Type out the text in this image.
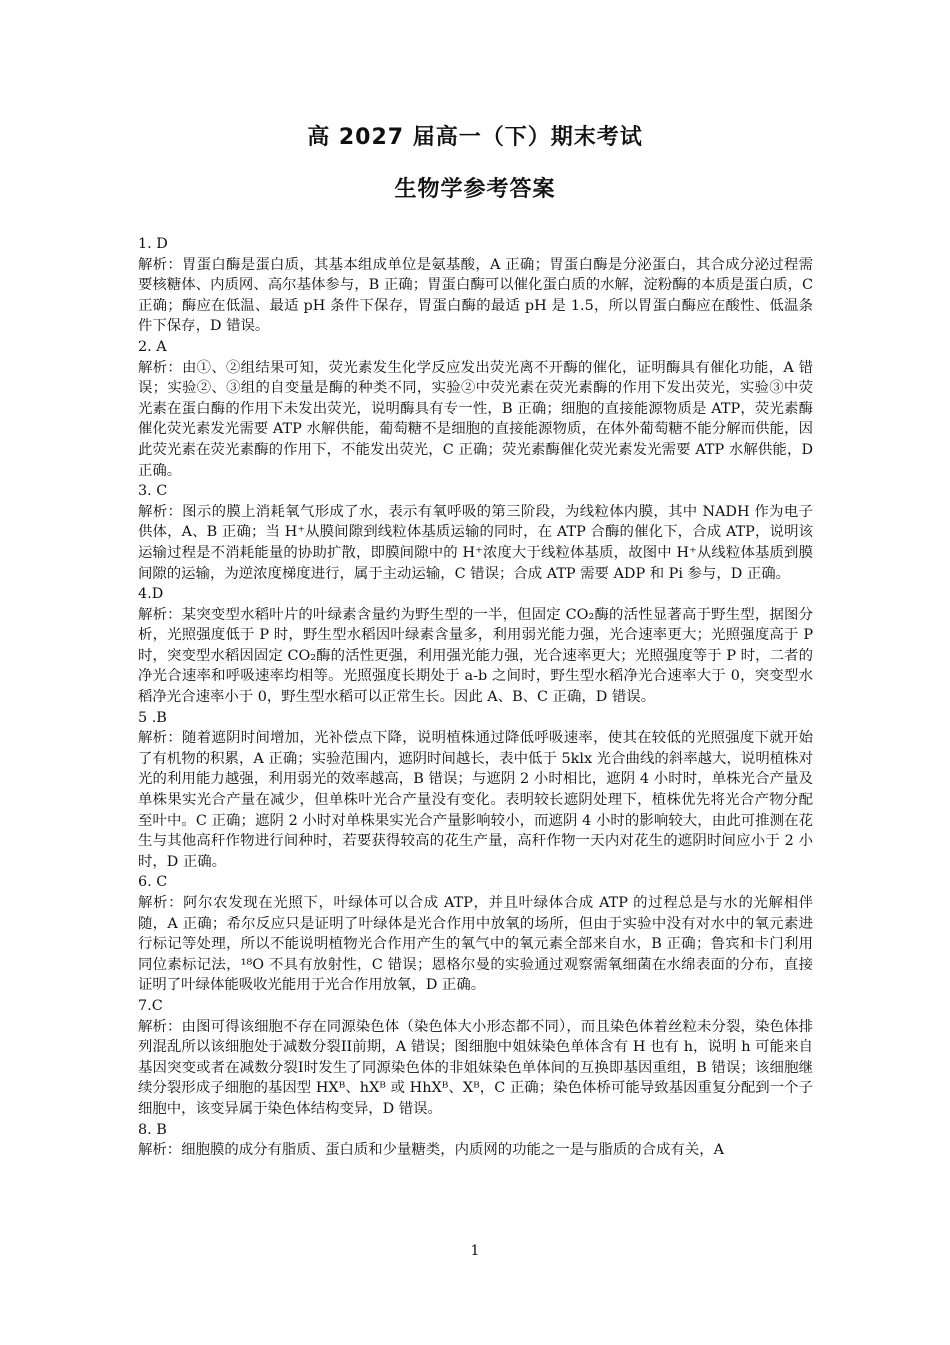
高 2027 届高一（下）期末考试
生物学参考答案
1. D
解析：胃蛋白酶是蛋白质，其基本组成单位是氨基酸，A 正确；胃蛋白酶是分泌蛋白，其合成分泌过程需要核糖体、内质网、高尔基体参与，B 正确；胃蛋白酶可以催化蛋白质的水解，淀粉酶的本质是蛋白质，C 正确；酶应在低温、最适 pH 条件下保存，胃蛋白酶的最适 pH 是 1.5，所以胃蛋白酶应在酸性、低温条件下保存，D 错误。
2. A
解析：由①、②组结果可知，荧光素发生化学反应发出荧光离不开酶的催化，证明酶具有催化功能，A 错误；实验②、③组的自变量是酶的种类不同，实验②中荧光素在荧光素酶的作用下发出荧光，实验③中荧光素在蛋白酶的作用下未发出荧光，说明酶具有专一性，B 正确；细胞的直接能源物质是 ATP，荧光素酶催化荧光素发光需要 ATP 水解供能，葡萄糖不是细胞的直接能源物质，在体外葡萄糖不能分解而供能，因此荧光素在荧光素酶的作用下，不能发出荧光，C 正确；荧光素酶催化荧光素发光需要 ATP 水解供能，D 正确。
3. C
解析：图示的膜上消耗氧气形成了水，表示有氧呼吸的第三阶段，为线粒体内膜，其中 NADH 作为电子供体，A、B 正确；当 H⁺从膜间隙到线粒体基质运输的同时，在 ATP 合酶的催化下，合成 ATP，说明该运输过程是不消耗能量的协助扩散，即膜间隙中的 H⁺浓度大于线粒体基质，故图中 H⁺从线粒体基质到膜间隙的运输，为逆浓度梯度进行，属于主动运输，C 错误；合成 ATP 需要 ADP 和 Pi 参与，D 正确。
4.D
解析：某突变型水稻叶片的叶绿素含量约为野生型的一半，但固定 CO₂酶的活性显著高于野生型，据图分析，光照强度低于 P 时，野生型水稻因叶绿素含量多，利用弱光能力强，光合速率更大；光照强度高于 P 时，突变型水稻因固定 CO₂酶的活性更强，利用强光能力强，光合速率更大；光照强度等于 P 时，二者的净光合速率和呼吸速率均相等。光照强度长期处于 a-b 之间时，野生型水稻净光合速率大于 0，突变型水稻净光合速率小于 0，野生型水稻可以正常生长。因此 A、B、C 正确，D 错误。
5 .B
解析：随着遮阴时间增加，光补偿点下降，说明植株通过降低呼吸速率，使其在较低的光照强度下就开始了有机物的积累，A 正确；实验范围内，遮阴时间越长，表中低于 5klx 光合曲线的斜率越大，说明植株对光的利用能力越强，利用弱光的效率越高，B 错误；与遮阴 2 小时相比，遮阴 4 小时时，单株光合产量及单株果实光合产量在减少，但单株叶光合产量没有变化。表明较长遮阴处理下，植株优先将光合产物分配至叶中。C 正确；遮阴 2 小时对单株果实光合产量影响较小，而遮阴 4 小时的影响较大，由此可推测在花生与其他高秆作物进行间种时，若要获得较高的花生产量，高秆作物一天内对花生的遮阴时间应小于 2 小时，D 正确。
6. C
解析：阿尔农发现在光照下，叶绿体可以合成 ATP，并且叶绿体合成 ATP 的过程总是与水的光解相伴随，A 正确；希尔反应只是证明了叶绿体是光合作用中放氧的场所，但由于实验中没有对水中的氧元素进行标记等处理，所以不能说明植物光合作用产生的氧气中的氧元素全部来自水，B 正确；鲁宾和卡门利用同位素标记法，¹⁸O 不具有放射性，C 错误；恩格尔曼的实验通过观察需氧细菌在水绵表面的分布，直接证明了叶绿体能吸收光能用于光合作用放氧，D 正确。
7.C
解析：由图可得该细胞不存在同源染色体（染色体大小形态都不同），而且染色体着丝粒未分裂，染色体排列混乱所以该细胞处于减数分裂II前期，A 错误；图细胞中姐妹染色单体含有 H 也有 h，说明 h 可能来自基因突变或者在减数分裂I时发生了同源染色体的非姐妹染色单体间的互换即基因重组，B 错误；该细胞继续分裂形成子细胞的基因型 HXᴮ、hXᴮ 或 HhXᴮ、Xᴮ，C 正确；染色体桥可能导致基因重复分配到一个子细胞中，该变异属于染色体结构变异，D 错误。
8. B
解析：细胞膜的成分有脂质、蛋白质和少量糖类，内质网的功能之一是与脂质的合成有关，A
1
